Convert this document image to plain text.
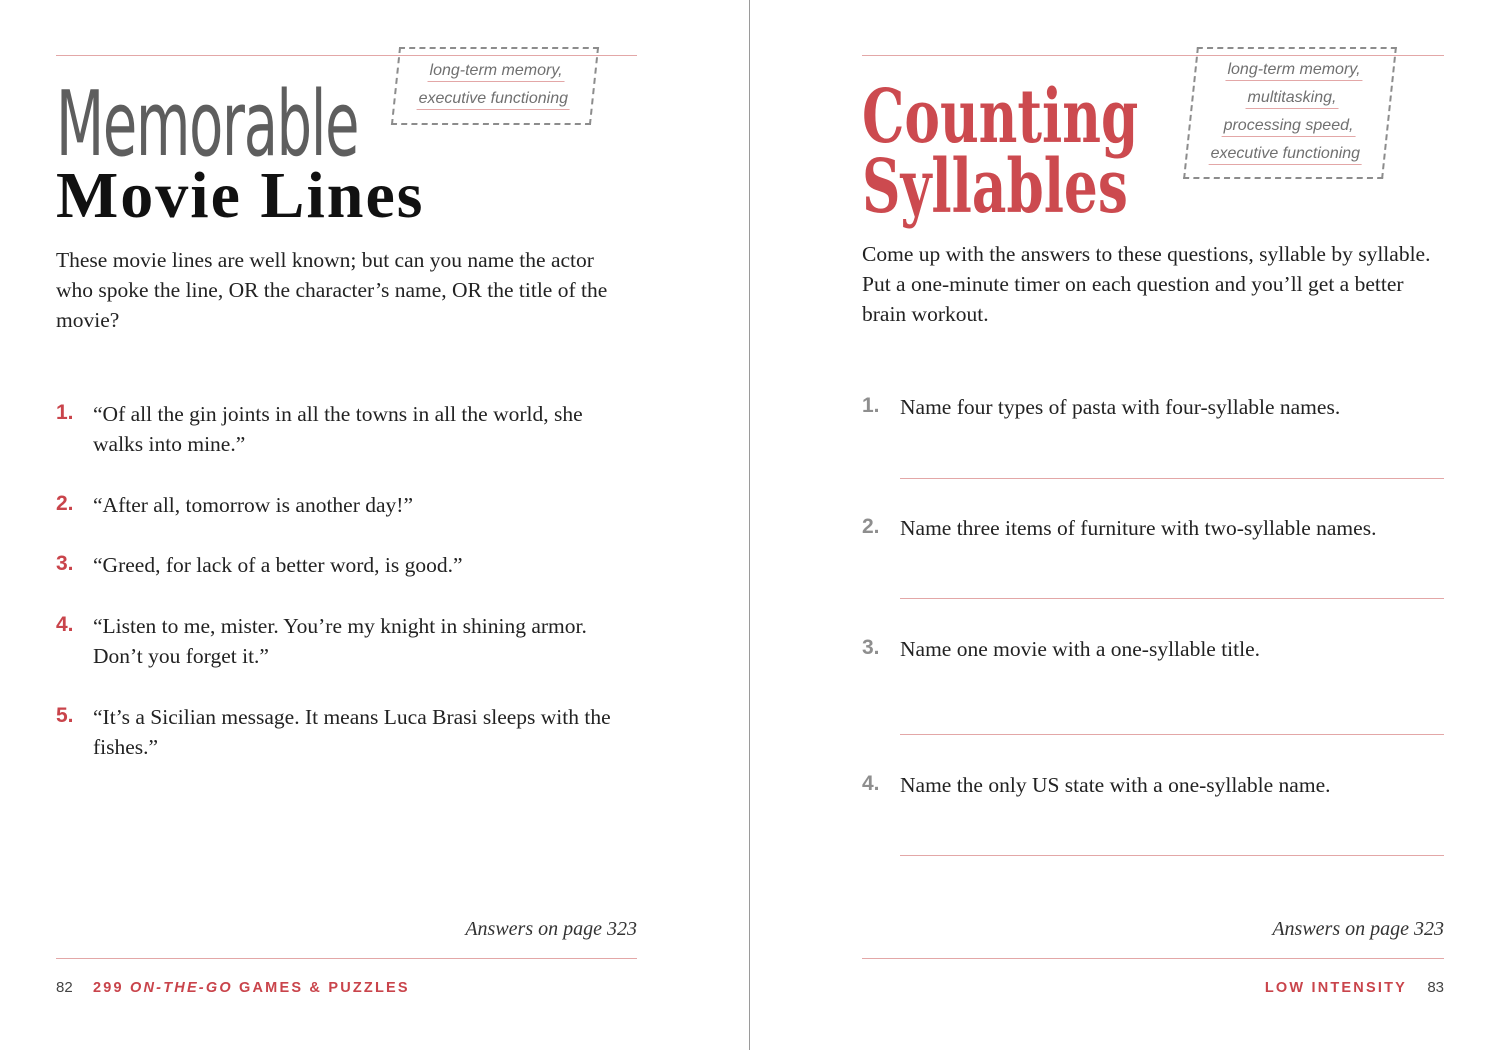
long-term memory,
executive functioning
Memorable
Movie Lines

These movie lines are well known; but can you name the actor who spoke the line, OR the character’s name, OR the title of the movie?

1. “Of all the gin joints in all the towns in all the world, she walks into mine.”

2. “After all, tomorrow is another day!”

3. “Greed, for lack of a better word, is good.”

4. “Listen to me, mister. You’re my knight in shining armor. Don’t you forget it.”

5. “It’s a Sicilian message. It means Luca Brasi sleeps with the fishes.”

Answers on page 323
82 299 ON-THE-GO GAMES & PUZZLES
long-term memory,
multitasking,
processing speed,
executive functioning
Counting
Syllables

Come up with the answers to these questions, syllable by syllable. Put a one-minute timer on each question and you’ll get a better brain workout.

1. Name four types of pasta with four-syllable names.

2. Name three items of furniture with two-syllable names.

3. Name one movie with a one-syllable title.

4. Name the only US state with a one-syllable name.

Answers on page 323
LOW INTENSITY 83
